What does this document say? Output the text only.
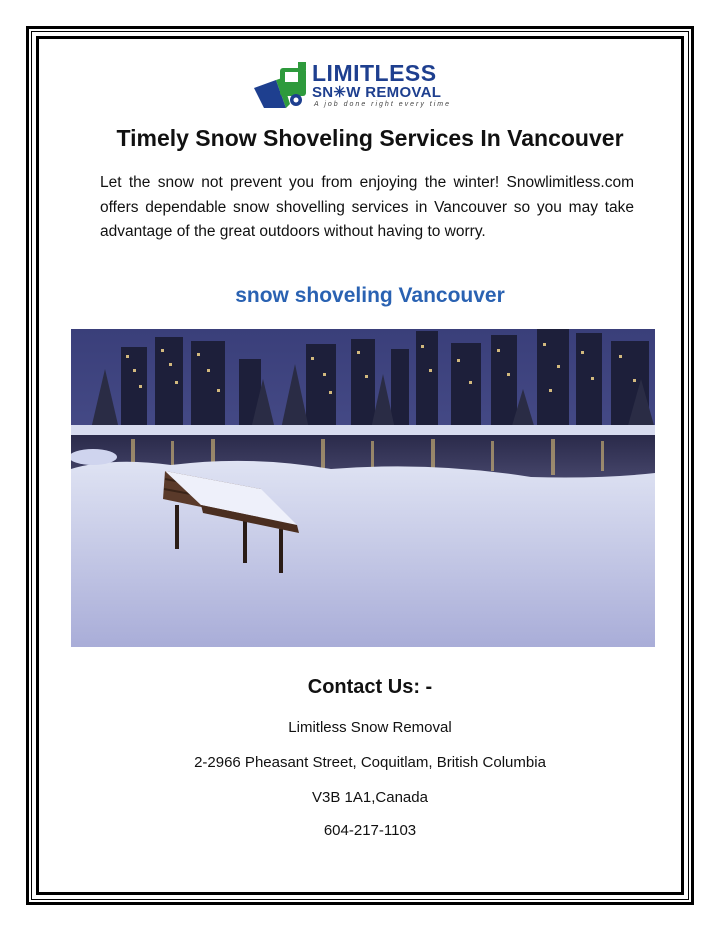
LIMITLESS
SN✳W REMOVAL
A job done right every time
Timely Snow Shoveling Services In Vancouver
Let the snow not prevent you from enjoying the winter! Snowlimitless.com offers dependable snow shovelling services in Vancouver so you may take advantage of the great outdoors without having to worry.
snow shoveling Vancouver
Contact Us: -
Limitless Snow Removal
2-2966 Pheasant Street, Coquitlam, British Columbia
V3B 1A1,Canada
604-217-1103
